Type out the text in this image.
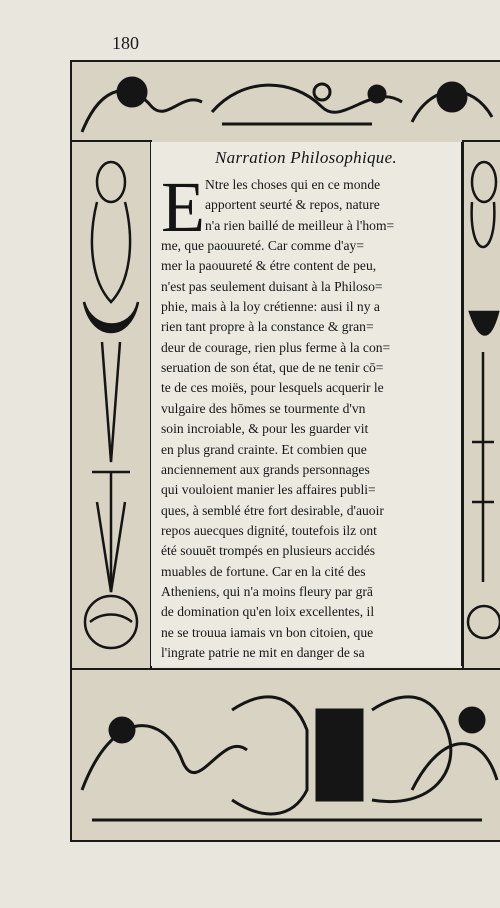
180
Narration Philosophique.
E Ntre les choses qui en ce monde
apportent seurté & repos, nature
n'a rien baillé de meilleur à l'hom=
me, que paouureté. Car comme d'ay=
mer la paouureté & étre content de peu,
n'est pas seulement duisant à la Philoso=
phie, mais à la loy crétienne: ausi il ny a
rien tant propre à la constance & gran=
deur de courage, rien plus ferme à la con=
seruation de son état, que de ne tenir cō=
te de ces moiës, pour lesquels acquerir le
vulgaire des hōmes se tourmente d'vn
soin incroiable, & pour les guarder vit
en plus grand crainte. Et combien que
anciennement aux grands personnages
qui vouloient manier les affaires publi=
ques, à semblé étre fort desirable, d'auoir
repos auecques dignité, toutefois ilz ont
été souuēt trompés en plusieurs accidés
muables de fortune. Car en la cité des
Atheniens, qui n'a moins fleury par grā
de domination qu'en loix excellentes, il
ne se trouua iamais vn bon citoien, que
l'ingrate patrie ne mit en danger de sa
